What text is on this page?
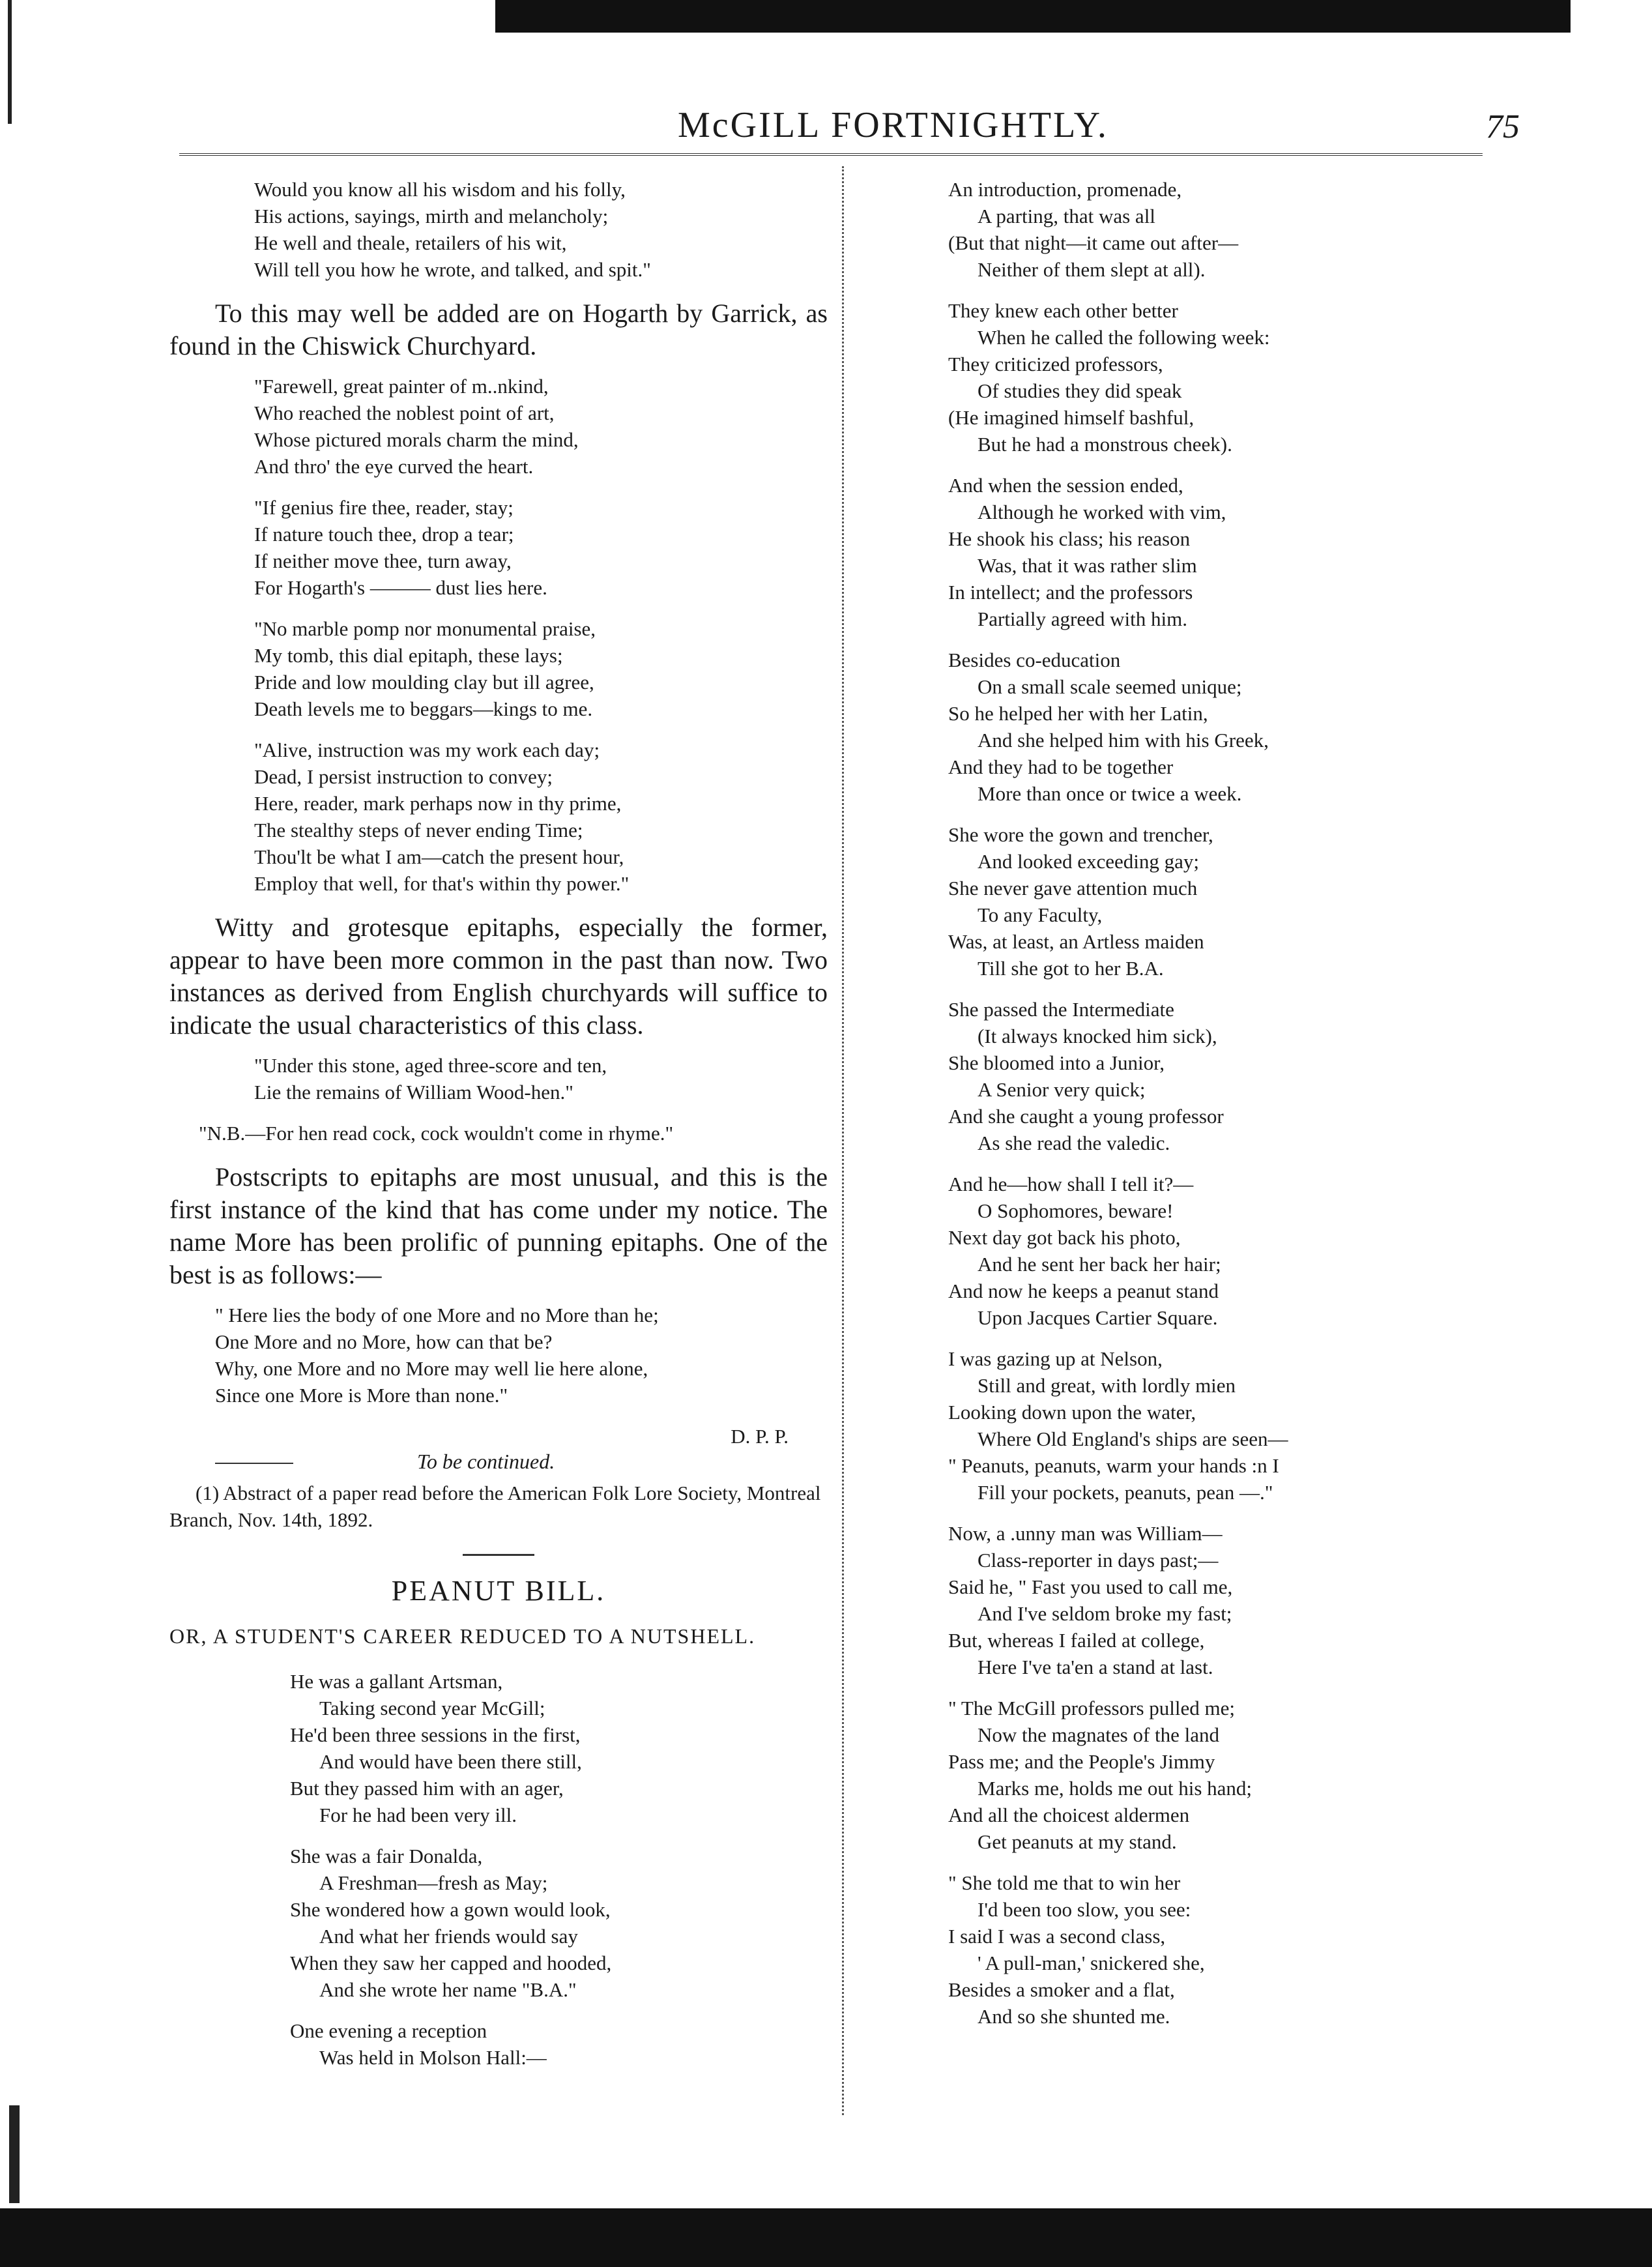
McGILL FORTNIGHTLY.	75
Would you know all his wisdom and his folly,
His actions, sayings, mirth and melancholy;
He well and theale, retailers of his wit,
Will tell you how he wrote, and talked, and spit."

To this may well be added are on Hogarth by Garrick, as found in the Chiswick Churchyard.

"Farewell, great painter of m..nkind,
Who reached the noblest point of art,
Whose pictured morals charm the mind,
And thro' the eye curved the heart.
"If genius fire thee, reader, stay;
If nature touch thee, drop a tear;
If neither move thee, turn away,
For Hogarth's ——— dust lies here.
"No marble pomp nor monumental praise,
My tomb, this dial epitaph, these lays;
Pride and low moulding clay but ill agree,
Death levels me to beggars—kings to me.
"Alive, instruction was my work each day;
Dead, I persist instruction to convey;
Here, reader, mark perhaps now in thy prime,
The stealthy steps of never ending Time;
Thou'lt be what I am—catch the present hour,
Employ that well, for that's within thy power."

Witty and grotesque epitaphs, especially the former, appear to have been more common in the past than now. Two instances as derived from English churchyards will suffice to indicate the usual characteristics of this class.

"Under this stone, aged three-score and ten,
Lie the remains of William Wood-hen."
"N.B.—For hen read cock, cock wouldn't come in rhyme."

Postscripts to epitaphs are most unusual, and this is the first instance of the kind that has come under my notice. The name More has been prolific of punning epitaphs. One of the best is as follows:—

" Here lies the body of one More and no More than he;
One More and no More, how can that be?
Why, one More and no More may well lie here alone,
Since one More is More than none."
D. P. P.
To be continued.
(1) Abstract of a paper read before the American Folk Lore Society, Montreal Branch, Nov. 14th, 1892.
PEANUT BILL.
OR, A STUDENT'S CAREER REDUCED TO A NUTSHELL.
He was a gallant Artsman,
Taking second year McGill;
He'd been three sessions in the first,
And would have been there still,
But they passed him with an ager,
For he had been very ill.
She was a fair Donalda,
A Freshman—fresh as May;
She wondered how a gown would look,
And what her friends would say
When they saw her capped and hooded,
And she wrote her name "B.A."
One evening a reception
Was held in Molson Hall:—
An introduction, promenade,
A parting, that was all
(But that night—it came out after—
Neither of them slept at all).
They knew each other better
When he called the following week:
They criticized professors,
Of studies they did speak
(He imagined himself bashful,
But he had a monstrous cheek).
And when the session ended,
Although he worked with vim,
He shook his class; his reason
Was, that it was rather slim
In intellect; and the professors
Partially agreed with him.
Besides co-education
On a small scale seemed unique;
So he helped her with her Latin,
And she helped him with his Greek,
And they had to be together
More than once or twice a week.
She wore the gown and trencher,
And looked exceeding gay;
She never gave attention much
To any Faculty,
Was, at least, an Artless maiden
Till she got to her B.A.
She passed the Intermediate
(It always knocked him sick),
She bloomed into a Junior,
A Senior very quick;
And she caught a young professor
As she read the valedic.
And he—how shall I tell it?—
O Sophomores, beware!
Next day got back his photo,
And he sent her back her hair;
And now he keeps a peanut stand
Upon Jacques Cartier Square.
I was gazing up at Nelson,
Still and great, with lordly mien
Looking down upon the water,
Where Old England's ships are seen—
" Peanuts, peanuts, warm your hands :n I
Fill your pockets, peanuts, pean —."
Now, a .unny man was William—
Class-reporter in days past;—
Said he, " Fast you used to call me,
And I've seldom broke my fast;
But, whereas I failed at college,
Here I've ta'en a stand at last.
" The McGill professors pulled me;
Now the magnates of the land
Pass me; and the People's Jimmy
Marks me, holds me out his hand;
And all the choicest aldermen
Get peanuts at my stand.
" She told me that to win her
I'd been too slow, you see:
I said I was a second class,
' A pull-man,' snickered she,
Besides a smoker and a flat,
And so she shunted me.
